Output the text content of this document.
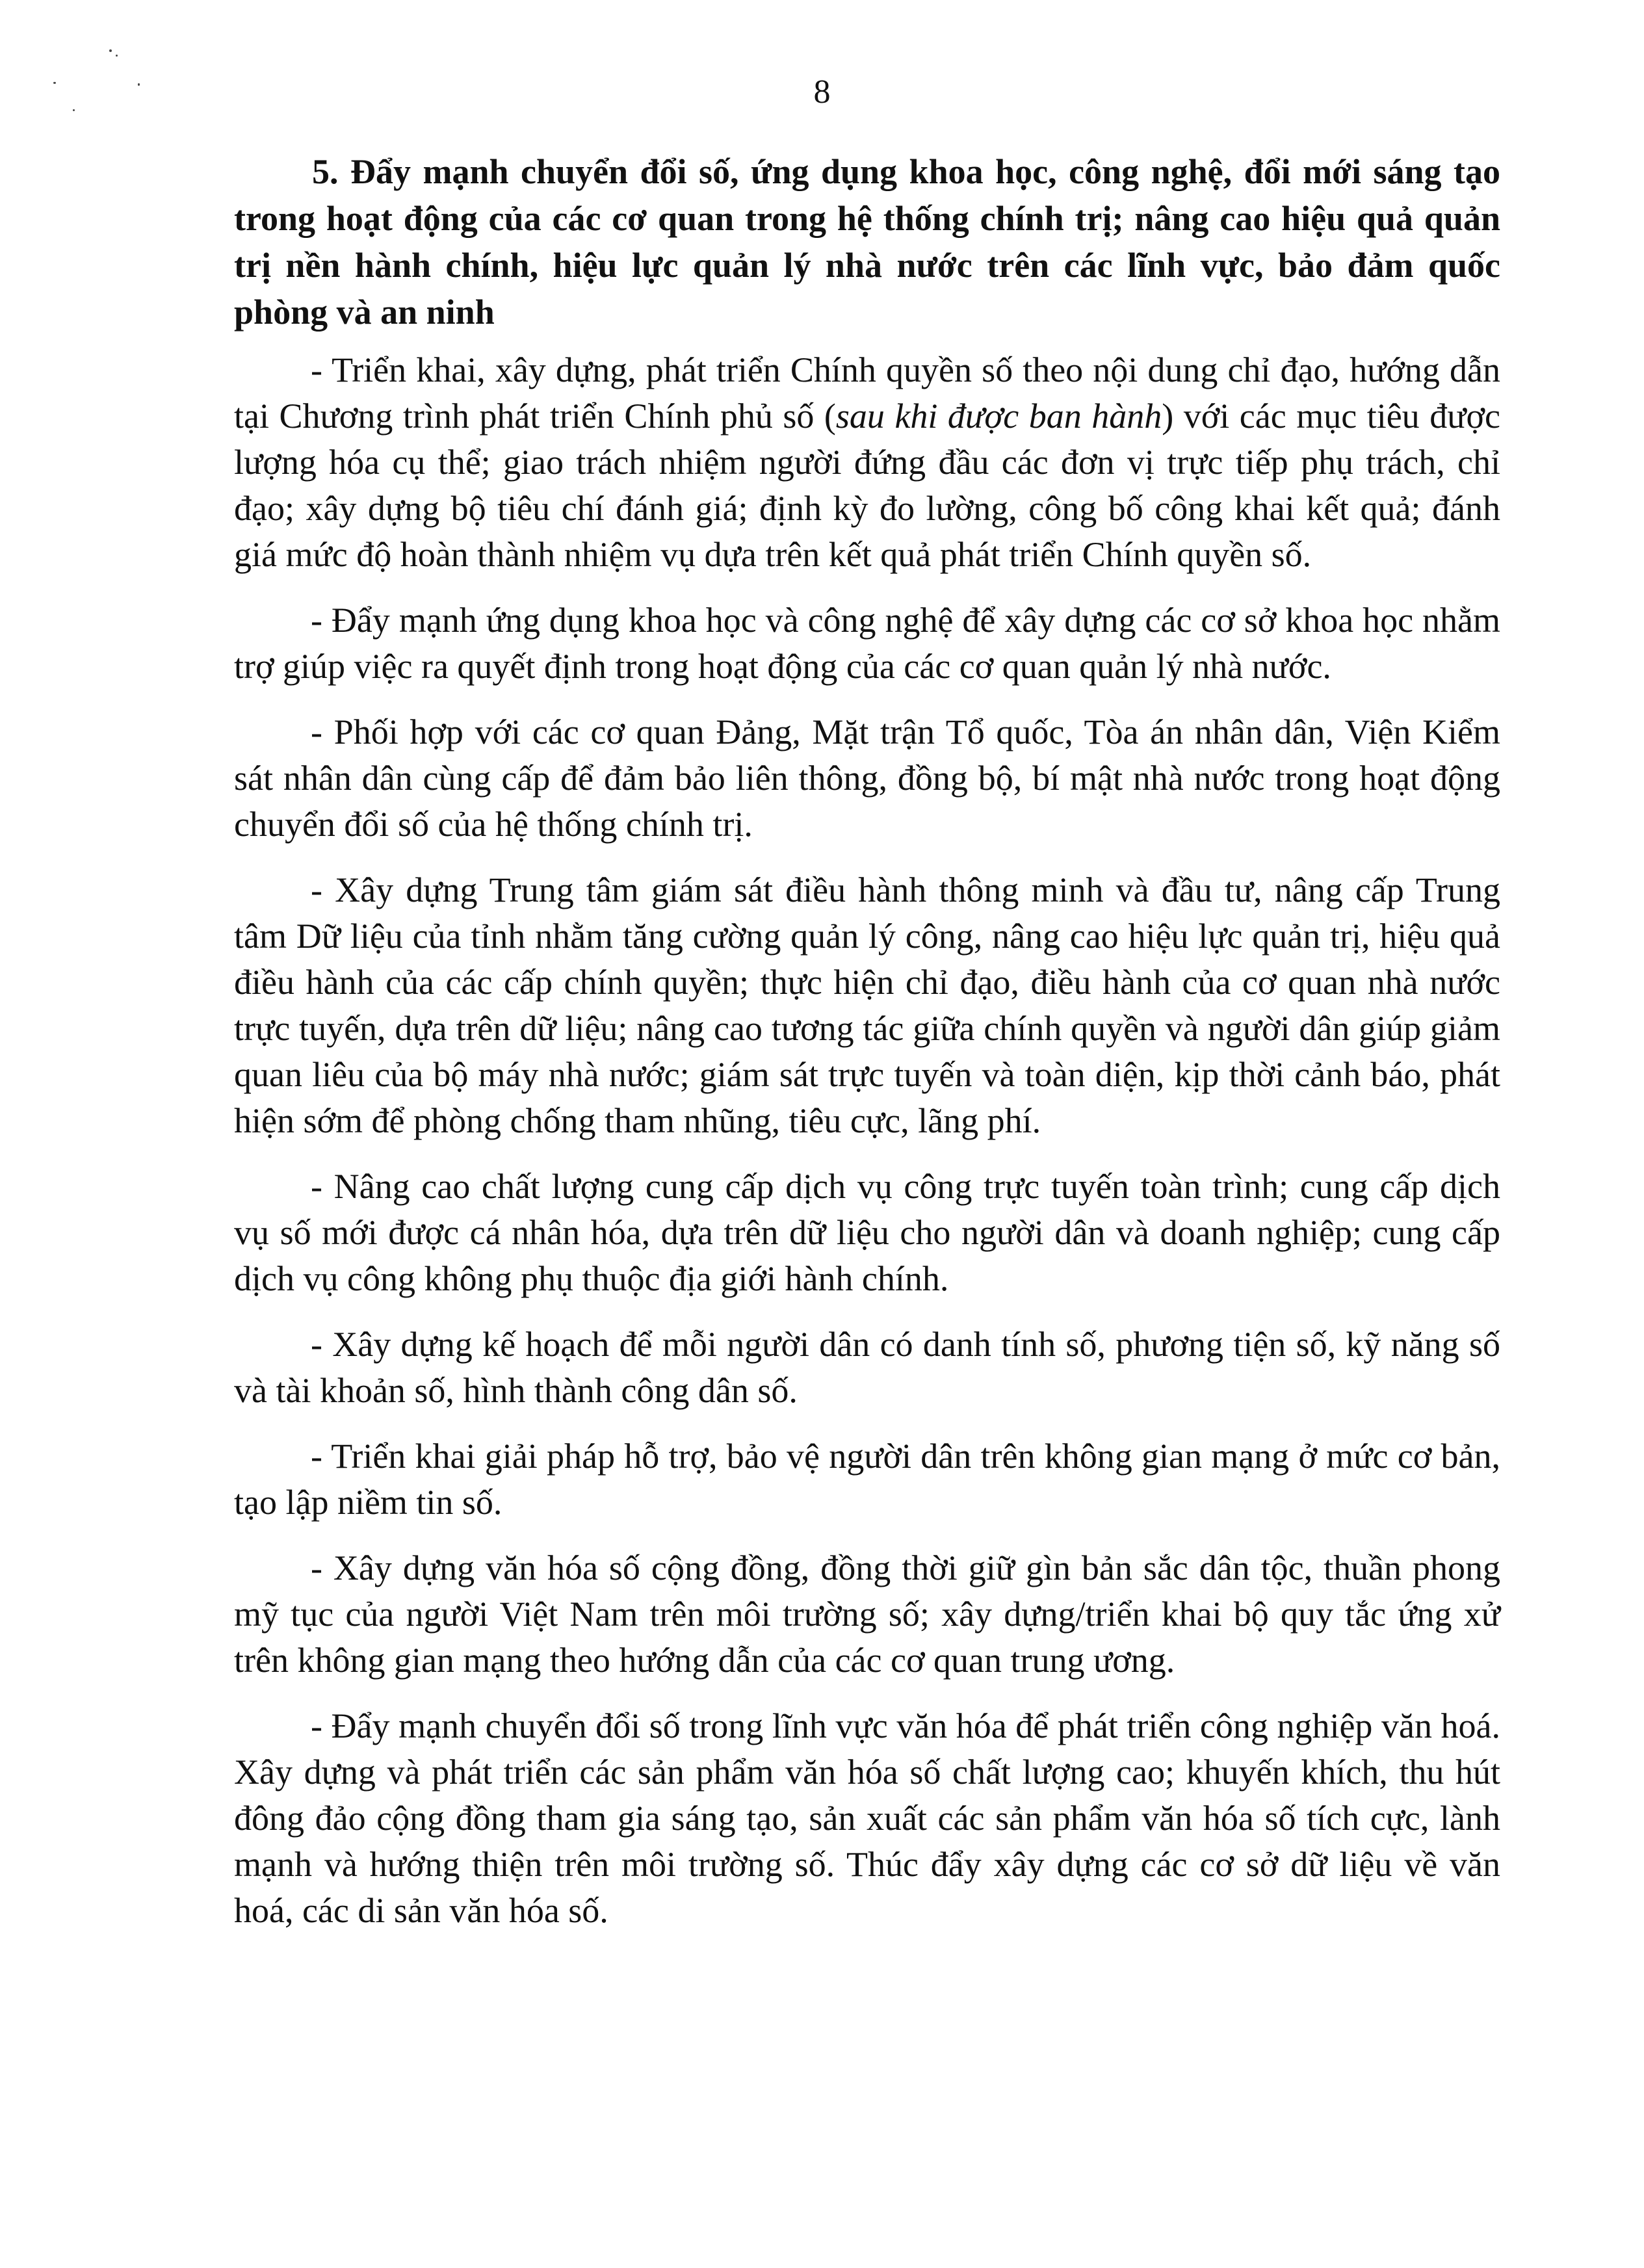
8

5. Đẩy mạnh chuyển đổi số, ứng dụng khoa học, công nghệ, đổi mới sáng tạo trong hoạt động của các cơ quan trong hệ thống chính trị; nâng cao hiệu quả quản trị nền hành chính, hiệu lực quản lý nhà nước trên các lĩnh vực, bảo đảm quốc phòng và an ninh

- Triển khai, xây dựng, phát triển Chính quyền số theo nội dung chỉ đạo, hướng dẫn tại Chương trình phát triển Chính phủ số (sau khi được ban hành) với các mục tiêu được lượng hóa cụ thể; giao trách nhiệm người đứng đầu các đơn vị trực tiếp phụ trách, chỉ đạo; xây dựng bộ tiêu chí đánh giá; định kỳ đo lường, công bố công khai kết quả; đánh giá mức độ hoàn thành nhiệm vụ dựa trên kết quả phát triển Chính quyền số.

- Đẩy mạnh ứng dụng khoa học và công nghệ để xây dựng các cơ sở khoa học nhằm trợ giúp việc ra quyết định trong hoạt động của các cơ quan quản lý nhà nước.

- Phối hợp với các cơ quan Đảng, Mặt trận Tổ quốc, Tòa án nhân dân, Viện Kiểm sát nhân dân cùng cấp để đảm bảo liên thông, đồng bộ, bí mật nhà nước trong hoạt động chuyển đổi số của hệ thống chính trị.

- Xây dựng Trung tâm giám sát điều hành thông minh và đầu tư, nâng cấp Trung tâm Dữ liệu của tỉnh nhằm tăng cường quản lý công, nâng cao hiệu lực quản trị, hiệu quả điều hành của các cấp chính quyền; thực hiện chỉ đạo, điều hành của cơ quan nhà nước trực tuyến, dựa trên dữ liệu; nâng cao tương tác giữa chính quyền và người dân giúp giảm quan liêu của bộ máy nhà nước; giám sát trực tuyến và toàn diện, kịp thời cảnh báo, phát hiện sớm để phòng chống tham nhũng, tiêu cực, lãng phí.

- Nâng cao chất lượng cung cấp dịch vụ công trực tuyến toàn trình; cung cấp dịch vụ số mới được cá nhân hóa, dựa trên dữ liệu cho người dân và doanh nghiệp; cung cấp dịch vụ công không phụ thuộc địa giới hành chính.

- Xây dựng kế hoạch để mỗi người dân có danh tính số, phương tiện số, kỹ năng số và tài khoản số, hình thành công dân số.

- Triển khai giải pháp hỗ trợ, bảo vệ người dân trên không gian mạng ở mức cơ bản, tạo lập niềm tin số.

- Xây dựng văn hóa số cộng đồng, đồng thời giữ gìn bản sắc dân tộc, thuần phong mỹ tục của người Việt Nam trên môi trường số; xây dựng/triển khai bộ quy tắc ứng xử trên không gian mạng theo hướng dẫn của các cơ quan trung ương.

- Đẩy mạnh chuyển đổi số trong lĩnh vực văn hóa để phát triển công nghiệp văn hoá. Xây dựng và phát triển các sản phẩm văn hóa số chất lượng cao; khuyến khích, thu hút đông đảo cộng đồng tham gia sáng tạo, sản xuất các sản phẩm văn hóa số tích cực, lành mạnh và hướng thiện trên môi trường số. Thúc đẩy xây dựng các cơ sở dữ liệu về văn hoá, các di sản văn hóa số.
